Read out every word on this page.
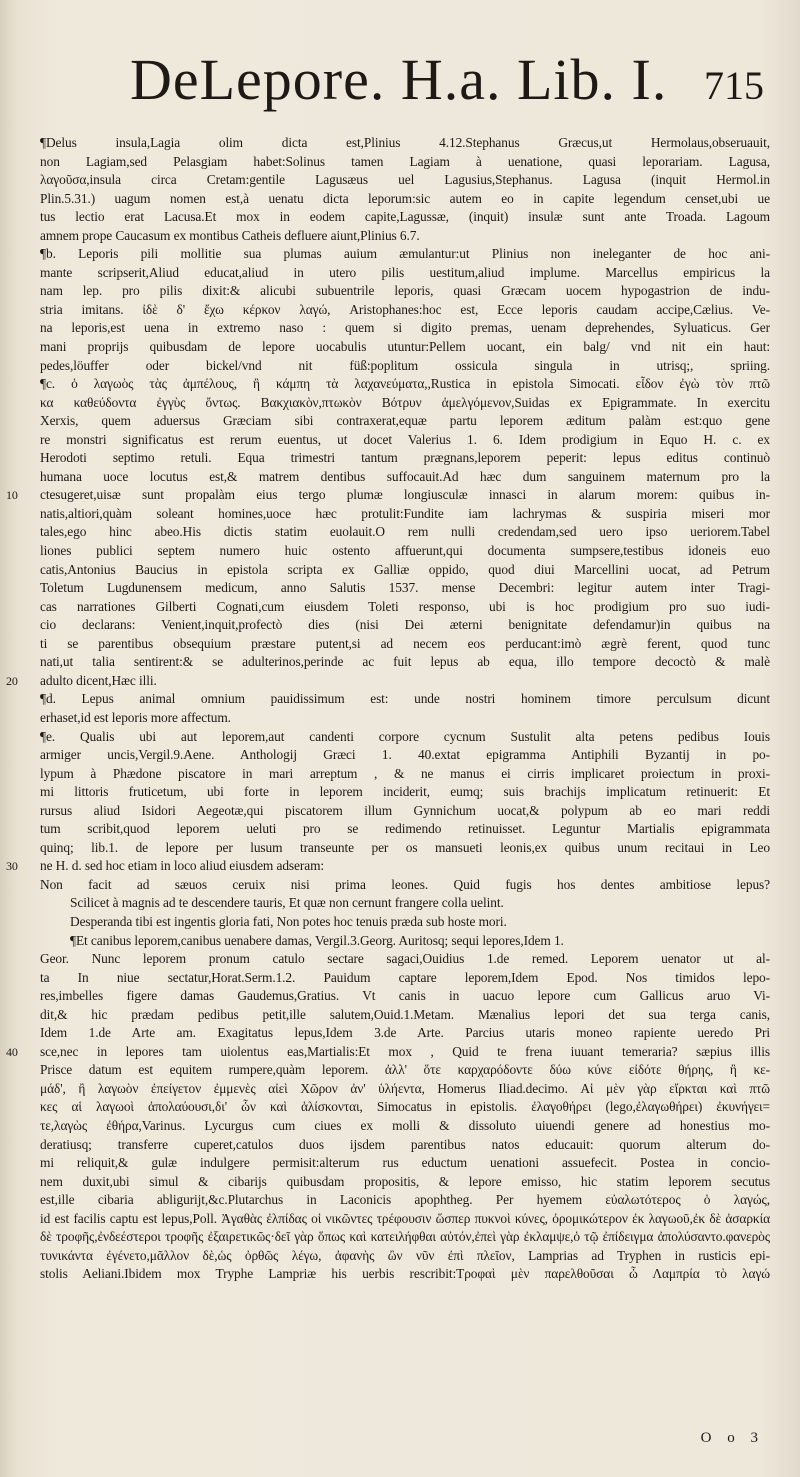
DeLepore. H.a. Lib. I. 715
¶Delus insula,Lagia olim dicta est,Plinius 4.12.Stephanus Græcus,ut Hermolaus,obseruauit,
non Lagiam,sed Pelasgiam habet:Solinus tamen Lagiam à uenatione, quasi leporariam. Lagusa,
λαγοῦσα,insula circa Cretam:gentile Lagusæus uel Lagusius,Stephanus. Lagusa (inquit Hermol.in
Plin.5.31.) uagum nomen est,à uenatu dicta leporum:sic autem eo in capite legendum censet,ubi ue
tus lectio erat Lacusa.Et mox in eodem capite,Lagussæ, (inquit) insulæ sunt ante Troada. Lagoum
amnem prope Caucasum ex montibus Catheis defluere aiunt,Plinius 6.7.
¶b. Leporis pili mollitie sua plumas auium æmulantur:ut Plinius non ineleganter de hoc ani-
mante scripserit,Aliud educat,aliud in utero pilis uestitum,aliud implume. Marcellus empiricus la
nam lep. pro pilis dixit:& alicubi subuentrile leporis, quasi Græcam uocem hypogastrion de indu-
stria imitans. ἰδὲ δ' ἔχω κέρκον λαγώ, Aristophanes:hoc est, Ecce leporis caudam accipe,Cælius. Ve-
na leporis,est uena in extremo naso : quem si digito premas, uenam deprehendes, Syluaticus. Ger
mani proprijs quibusdam de lepore uocabulis utuntur:Pellem uocant, ein balg/ vnd nit ein haut:
pedes,löuffer oder bickel/vnd nit füß:poplitum ossicula singula in utrisq;, spriing.
¶c. ὁ λαγωὸς τὰς ἀμπέλους, ἢ κάμπη τὰ λαχανεύματα,,Rustica in epistola Simocati. εἶδον ἐγὼ τὸν πτῶ
κα καθεύδοντα ἐγγὺς ὄντως. Βακχιακὸν,πτωκὸν Βότρυν ἀμελγόμενον,Suidas ex Epigrammate. In exercitu
Xerxis, quem aduersus Græciam sibi contraxerat,equæ partu leporem æditum palàm est:quo gene
re monstri significatus est rerum euentus, ut docet Valerius 1. 6. Idem prodigium in Equo H. c. ex
Herodoti septimo retuli. Equa trimestri tantum prægnans,leporem peperit: lepus editus continuò
humana uoce locutus est,& matrem dentibus suffocauit.Ad hæc dum sanguinem maternum pro la
10	ctesugeret,uisæ sunt propalàm eius tergo plumæ longiusculæ innasci in alarum morem: quibus in-
natis,altiori,quàm soleant homines,uoce hæc protulit:Fundite iam lachrymas & suspiria miseri mor
tales,ego hinc abeo.His dictis statim euolauit.O rem nulli credendam,sed uero ipso ueriorem.Tabel
liones publici septem numero huic ostento affuerunt,qui documenta sumpsere,testibus idoneis euo
catis,Antonius Baucius in epistola scripta ex Galliæ oppido, quod diui Marcellini uocat, ad Petrum
Toletum Lugdunensem medicum, anno Salutis 1537. mense Decembri: legitur autem inter Tragi-
cas narrationes Gilberti Cognati,cum eiusdem Toleti responso, ubi is hoc prodigium pro suo iudi-
cio declarans: Venient,inquit,profectò dies (nisi Dei æterni benignitate defendamur)in quibus na
ti se parentibus obsequium præstare putent,si ad necem eos perducant:imò ægrè ferent, quod tunc
nati,ut talia sentirent:& se adulterinos,perinde ac fuit lepus ab equa, illo tempore decoctò & malè
20	adulto dicent,Hæc illi.
¶d. Lepus animal omnium pauidissimum est: unde nostri hominem timore perculsum dicunt
erhaset,id est leporis more affectum.
¶e. Qualis ubi aut leporem,aut candenti corpore cycnum Sustulit alta petens pedibus Iouis
armiger uncis,Vergil.9.Aene. Anthologij Græci 1. 40.extat epigramma Antiphili Byzantij in po-
lypum à Phædone piscatore in mari arreptum , & ne manus ei cirris implicaret proiectum in proxi-
mi littoris fruticetum, ubi forte in leporem inciderit, eumq; suis brachijs implicatum retinuerit: Et
rursus aliud Isidori Aegeotæ,qui piscatorem illum Gynnichum uocat,& polypum ab eo mari reddi
tum scribit,quod leporem ueluti pro se redimendo retinuisset. Leguntur Martialis epigrammata
quinq; lib.1. de lepore per lusum transeunte per os mansueti leonis,ex quibus unum recitaui in Leo
30	ne H. d. sed hoc etiam in loco aliud eiusdem adseram:
Non facit ad sæuos ceruix nisi prima leones. Quid fugis hos dentes ambitiose lepus?
Scilicet à magnis ad te descendere tauris, Et quæ non cernunt frangere colla uelint.
Desperanda tibi est ingentis gloria fati, Non potes hoc tenuis præda sub hoste mori.
¶Et canibus leporem,canibus uenabere damas, Vergil.3.Georg. Auritosq; sequi lepores,Idem 1.
Geor. Nunc leporem pronum catulo sectare sagaci,Ouidius 1.de remed. Leporem uenator ut al-
ta In niue sectatur,Horat.Serm.1.2. Pauidum captare leporem,Idem Epod. Nos timidos lepo-
res,imbelles figere damas Gaudemus,Gratius. Vt canis in uacuo lepore cum Gallicus aruo Vi-
dit,& hic prædam pedibus petit,ille salutem,Ouid.1.Metam. Mænalius lepori det sua terga canis,
Idem 1.de Arte am. Exagitatus lepus,Idem 3.de Arte. Parcius utaris moneo rapiente ueredo Pri
40	sce,nec in lepores tam uiolentus eas,Martialis:Et mox , Quid te frena iuuant temeraria? sæpius illis
Prisce datum est equitem rumpere,quàm leporem. ἀλλ' ὅτε καρχαρόδοντε δύω κύνε εἰδότε θήρης, ἢ κε-
μάδ', ἢ λαγωὸν ἐπείγετον ἐμμενὲς αἰεὶ Χῶρον ἀν' ὑλήεντα, Homerus Iliad.decimo. Αἱ μὲν γὰρ εἴρκται καὶ πτῶ
κες αἱ λαγωοὶ ἀπολαύουσι,δι' ὧν καὶ ἁλίσκονται, Simocatus in epistolis. ἐλαγοθήρει (lego,ἐλαγωθήρει) ἐκυνήγει=
τε,λαγὼς ἐθήρα,Varinus. Lycurgus cum ciues ex molli & dissoluto uiuendi genere ad honestius mo-
deratiusq; transferre cuperet,catulos duos ijsdem parentibus natos educauit: quorum alterum do-
mi reliquit,& gulæ indulgere permisit:alterum rus eductum uenationi assuefecit. Postea in concio-
nem duxit,ubi simul & cibarijs quibusdam propositis, & lepore emisso, hic statim leporem secutus
est,ille cibaria abligurijt,&c.Plutarchus in Laconicis apophtheg. Per hyemem εὐαλωτότερος ὁ λαγώς,
id est facilis captu est lepus,Poll. Ἀγαθὰς ἐλπίδας οἱ νικῶντες τρέφουσιν ὥσπερ πυκνοὶ κύνες, ὀρομικώτερον ἐκ λαγωοῦ,ἐκ δὲ ἀσαρκία
δὲ τροφῆς,ἐνδεέστεροι τροφῆς ἐξαιρετικῶς·δεῖ γὰρ ὅπως καὶ κατειλήφθαι αὐτόν,ἐπεὶ γὰρ ἐκλαμψε,ὁ τῷ ἐπίδειγμα ἀπολύσαντο.φανερὸς
τυνικάντα ἐγένετο,μᾶλλον δὲ,ὡς ὀρθῶς λέγω, ἀφανὴς ὢν νῦν ἐπὶ πλεῖον, Lamprias ad Tryphen in rusticis epi-
stolis Aeliani.Ibidem mox Tryphe Lampriæ his uerbis rescribit:Τροφαὶ μὲν παρελθοῦσαι ὦ Λαμπρία τὸ λαγώ
O o 3
